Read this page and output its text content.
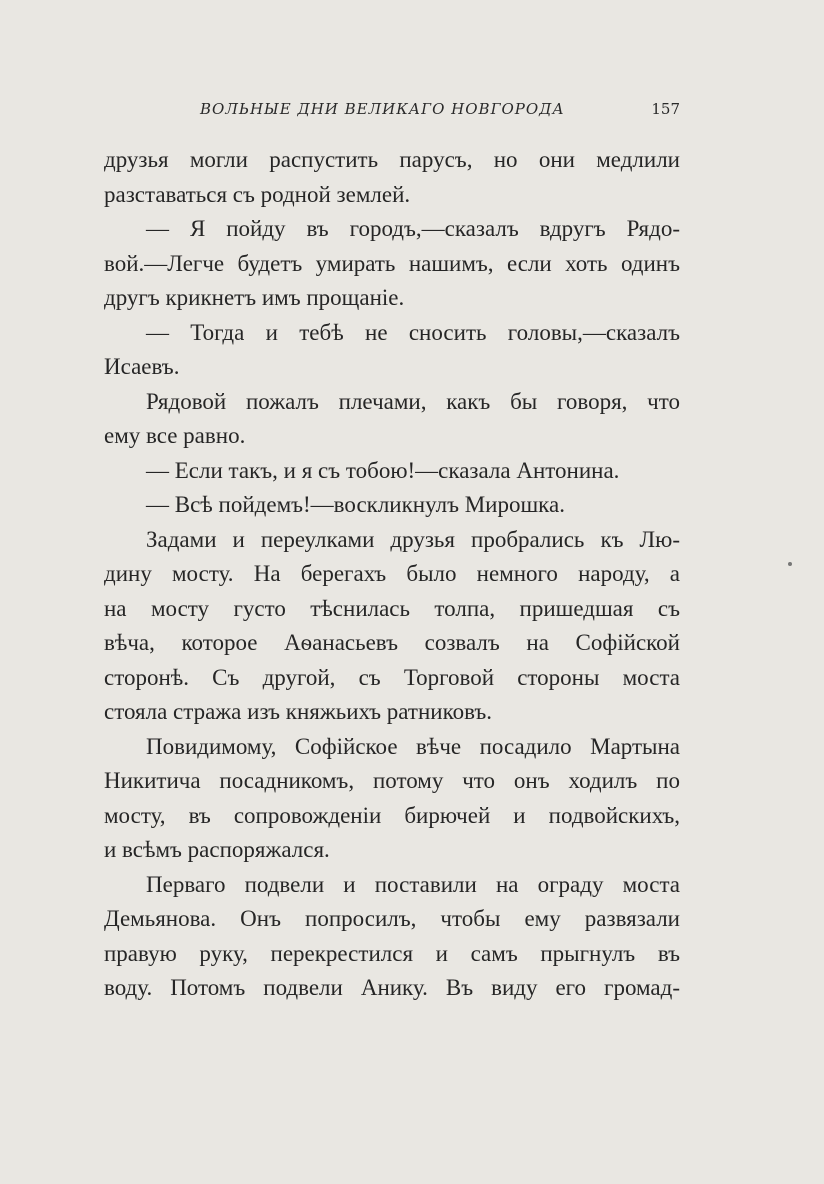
ВОЛЬНЫЕ ДНИ ВЕЛИКАГО НОВГОРОДА	157
друзья могли распустить парусъ, но они медлили
разставаться съ родной землей.
— Я пойду въ городъ,—сказалъ вдругъ Рядо-
вой.—Легче будетъ умирать нашимъ, если хоть одинъ
другъ крикнетъ имъ прощаніе.
— Тогда и тебѣ не сносить головы,—сказалъ
Исаевъ.
Рядовой пожалъ плечами, какъ бы говоря, что
ему все равно.
— Если такъ, и я съ тобою!—сказала Антонина.
— Всѣ пойдемъ!—воскликнулъ Мирошка.
Задами и переулками друзья пробрались къ Лю-
дину мосту. На берегахъ было немного народу, а
на мосту густо тѣснилась толпа, пришедшая съ
вѣча, которое Аѳанасьевъ созвалъ на Софійской
сторонѣ. Съ другой, съ Торговой стороны моста
стояла стража изъ княжьихъ ратниковъ.
Повидимому, Софійское вѣче посадило Мартына
Никитича посадникомъ, потому что онъ ходилъ по
мосту, въ сопровожденіи бирючей и подвойскихъ,
и всѣмъ распоряжался.
Перваго подвели и поставили на ограду моста
Демьянова. Онъ попросилъ, чтобы ему развязали
правую руку, перекрестился и самъ прыгнулъ въ
воду. Потомъ подвели Анику. Въ виду его громад-
